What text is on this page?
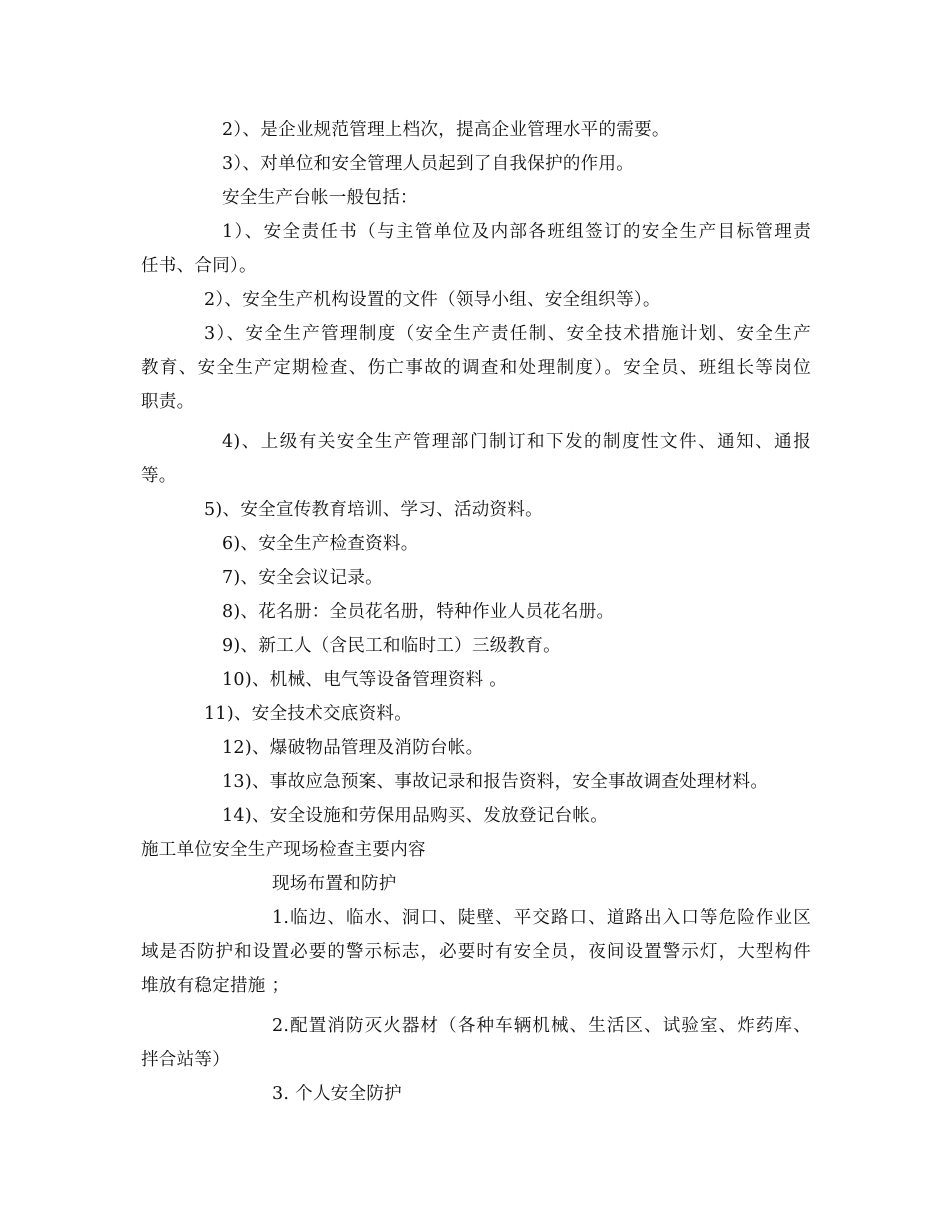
2）、是企业规范管理上档次，提高企业管理水平的需要。
3）、对单位和安全管理人员起到了自我保护的作用。
安全生产台帐一般包括：
1）、安全责任书（与主管单位及内部各班组签订的安全生产目标管理责
任书、合同）。
2）、安全生产机构设置的文件（领导小组、安全组织等）。
3）、安全生产管理制度（安全生产责任制、安全技术措施计划、安全生产
教育、安全生产定期检查、伤亡事故的调查和处理制度）。安全员、班组长等岗位
职责。
4)、上级有关安全生产管理部门制订和下发的制度性文件、通知、通报
等。
5)、安全宣传教育培训、学习、活动资料。
6)、安全生产检查资料。
7)、安全会议记录。
8)、花名册：全员花名册，特种作业人员花名册。
9)、新工人（含民工和临时工）三级教育。
10)、机械、电气等设备管理资料 。
11)、安全技术交底资料。
12)、爆破物品管理及消防台帐。
13)、事故应急预案、事故记录和报告资料，安全事故调查处理材料。
14)、安全设施和劳保用品购买、发放登记台帐。
施工单位安全生产现场检查主要内容
现场布置和防护
1.临边、临水、洞口、陡壁、平交路口、道路出入口等危险作业区
域是否防护和设置必要的警示标志，必要时有安全员，夜间设置警示灯，大型构件
堆放有稳定措施 ；
2.配置消防灭火器材（各种车辆机械、生活区、试验室、炸药库、
拌合站等）
3. 个人安全防护
